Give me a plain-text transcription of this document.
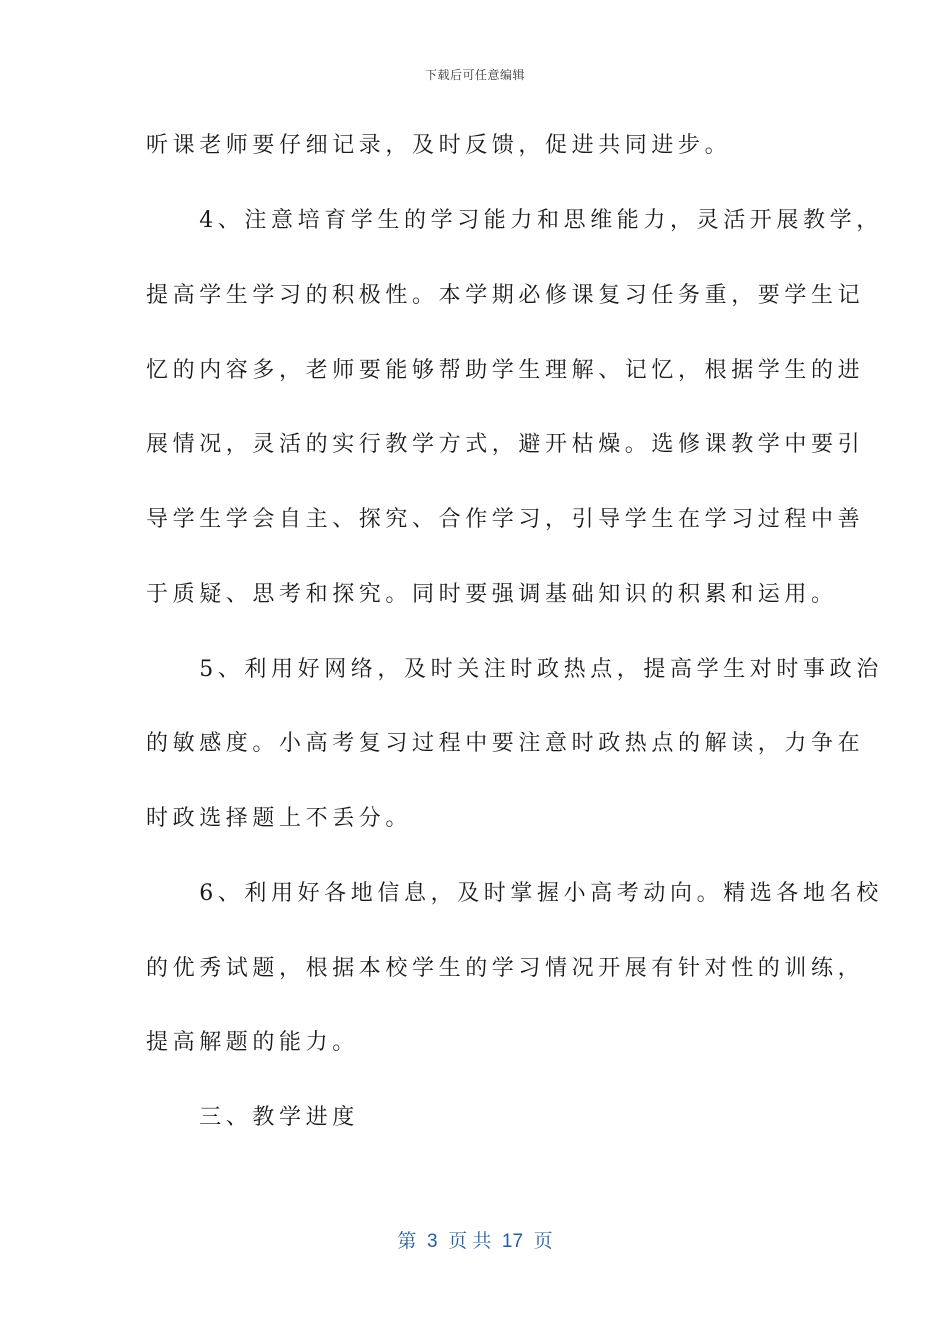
下载后可任意编辑
听课老师要仔细记录，及时反馈，促进共同进步。
　　4、注意培育学生的学习能力和思维能力，灵活开展教学，
提高学生学习的积极性。本学期必修课复习任务重，要学生记
忆的内容多，老师要能够帮助学生理解、记忆，根据学生的进
展情况，灵活的实行教学方式，避开枯燥。选修课教学中要引
导学生学会自主、探究、合作学习，引导学生在学习过程中善
于质疑、思考和探究。同时要强调基础知识的积累和运用。
　　5、利用好网络，及时关注时政热点，提高学生对时事政治
的敏感度。小高考复习过程中要注意时政热点的解读，力争在
时政选择题上不丢分。
　　6、利用好各地信息，及时掌握小高考动向。精选各地名校
的优秀试题，根据本校学生的学习情况开展有针对性的训练，
提高解题的能力。
　　三、教学进度
第  3  页 共  17  页
